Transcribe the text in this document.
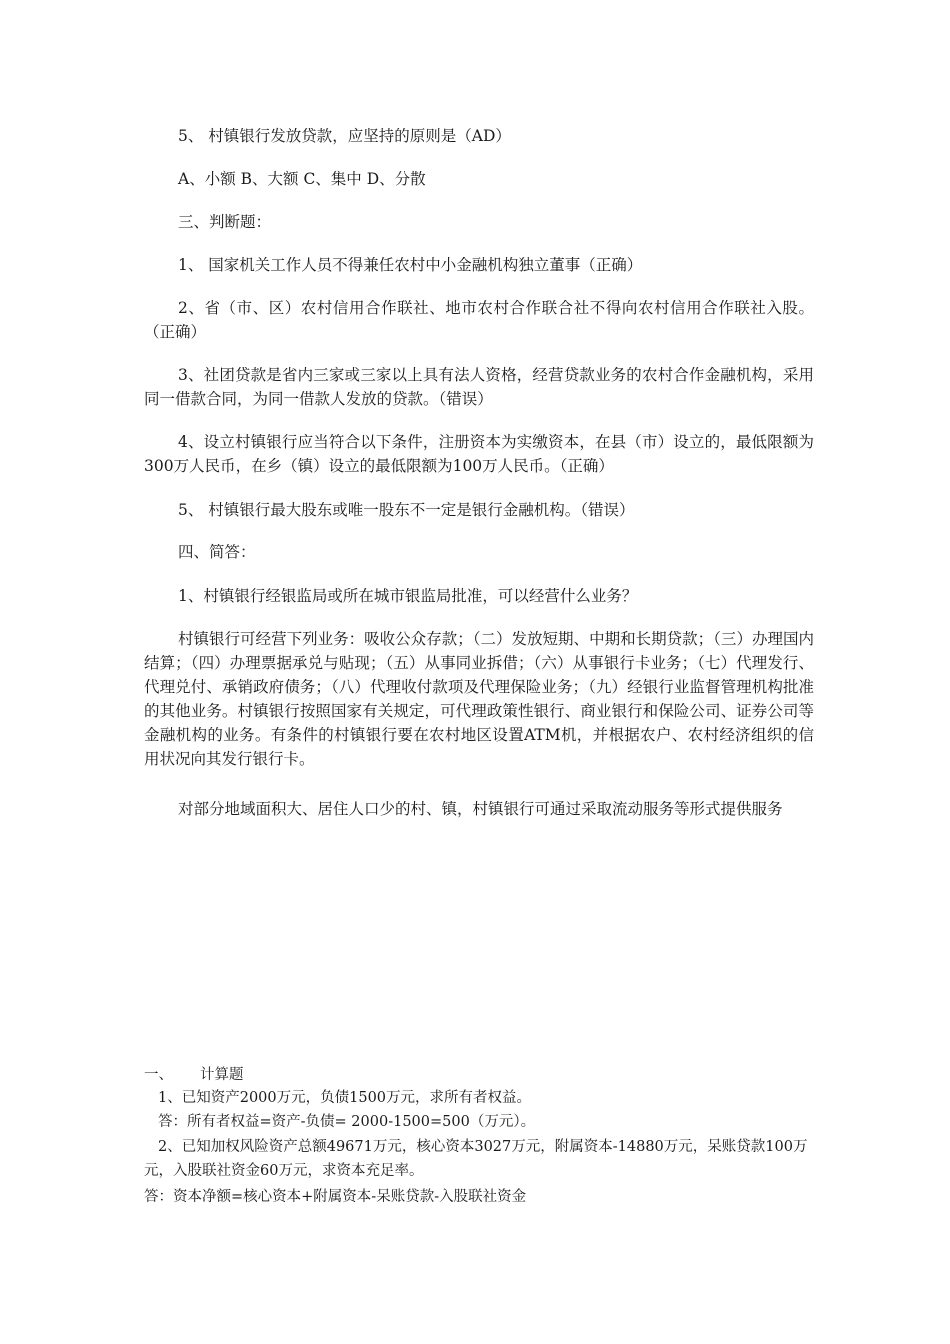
5、 村镇银行发放贷款，应坚持的原则是（AD）

A、小额 B、大额 C、集中 D、分散

三、判断题：

1、 国家机关工作人员不得兼任农村中小金融机构独立董事（正确）

2、省（市、区）农村信用合作联社、地市农村合作联合社不得向农村信用合作联社入股。（正确）

3、社团贷款是省内三家或三家以上具有法人资格，经营贷款业务的农村合作金融机构，采用同一借款合同，为同一借款人发放的贷款。（错误）

4、设立村镇银行应当符合以下条件，注册资本为实缴资本，在县（市）设立的，最低限额为300万人民币，在乡（镇）设立的最低限额为100万人民币。（正确）

5、 村镇银行最大股东或唯一股东不一定是银行金融机构。（错误）

四、简答：

1、村镇银行经银监局或所在城市银监局批准，可以经营什么业务？

村镇银行可经营下列业务：吸收公众存款；（二）发放短期、中期和长期贷款；（三）办理国内结算；（四）办理票据承兑与贴现；（五）从事同业拆借；（六）从事银行卡业务；（七）代理发行、代理兑付、承销政府债务；（八）代理收付款项及代理保险业务；（九）经银行业监督管理机构批准的其他业务。村镇银行按照国家有关规定，可代理政策性银行、商业银行和保险公司、证券公司等金融机构的业务。有条件的村镇银行要在农村地区设置ATM机，并根据农户、农村经济组织的信用状况向其发行银行卡。

对部分地域面积大、居住人口少的村、镇，村镇银行可通过采取流动服务等形式提供服务

一、 计算题

1、已知资产2000万元，负债1500万元，求所有者权益。

答：所有者权益=资产-负债= 2000-1500=500（万元）。

2、已知加权风险资产总额49671万元，核心资本3027万元，附属资本-14880万元，呆账贷款100万元，入股联社资金60万元，求资本充足率。

答：资本净额=核心资本+附属资本-呆账贷款-入股联社资金
